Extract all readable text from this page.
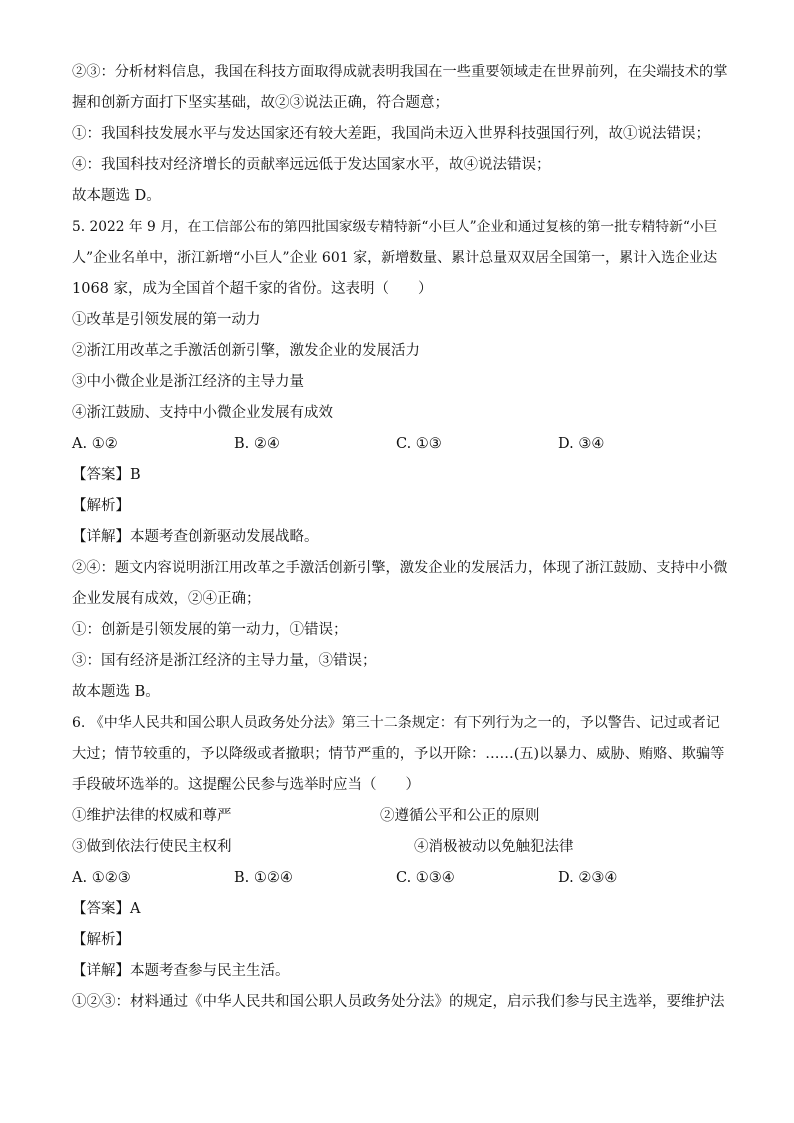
②③：分析材料信息，我国在科技方面取得成就表明我国在一些重要领域走在世界前列，在尖端技术的掌
握和创新方面打下坚实基础，故②③说法正确，符合题意；
①：我国科技发展水平与发达国家还有较大差距，我国尚未迈入世界科技强国行列，故①说法错误；
④：我国科技对经济增长的贡献率远远低于发达国家水平，故④说法错误；
故本题选 D。
5. 2022 年 9 月，在工信部公布的第四批国家级专精特新“小巨人”企业和通过复核的第一批专精特新“小巨
人”企业名单中，浙江新增“小巨人”企业 601 家，新增数量、累计总量双双居全国第一，累计入选企业达
1068 家，成为全国首个超千家的省份。这表明（　　）
①改革是引领发展的第一动力
②浙江用改革之手激活创新引擎，激发企业的发展活力
③中小微企业是浙江经济的主导力量
④浙江鼓励、支持中小微企业发展有成效
A. ①②	B. ②④	C. ①③	D. ③④
【答案】B
【解析】
【详解】本题考查创新驱动发展战略。
②④：题文内容说明浙江用改革之手激活创新引擎，激发企业的发展活力，体现了浙江鼓励、支持中小微
企业发展有成效，②④正确；
①：创新是引领发展的第一动力，①错误；
③：国有经济是浙江经济的主导力量，③错误；
故本题选 B。
6. 《中华人民共和国公职人员政务处分法》第三十二条规定：有下列行为之一的，予以警告、记过或者记
大过；情节较重的，予以降级或者撤职；情节严重的，予以开除：……(五)以暴力、威胁、贿赂、欺骗等
手段破坏选举的。这提醒公民参与选举时应当（　　）
①维护法律的权威和尊严	②遵循公平和公正的原则
③做到依法行使民主权利	④消极被动以免触犯法律
A. ①②③	B. ①②④	C. ①③④	D. ②③④
【答案】A
【解析】
【详解】本题考查参与民主生活。
①②③：材料通过《中华人民共和国公职人员政务处分法》的规定，启示我们参与民主选举，要维护法
